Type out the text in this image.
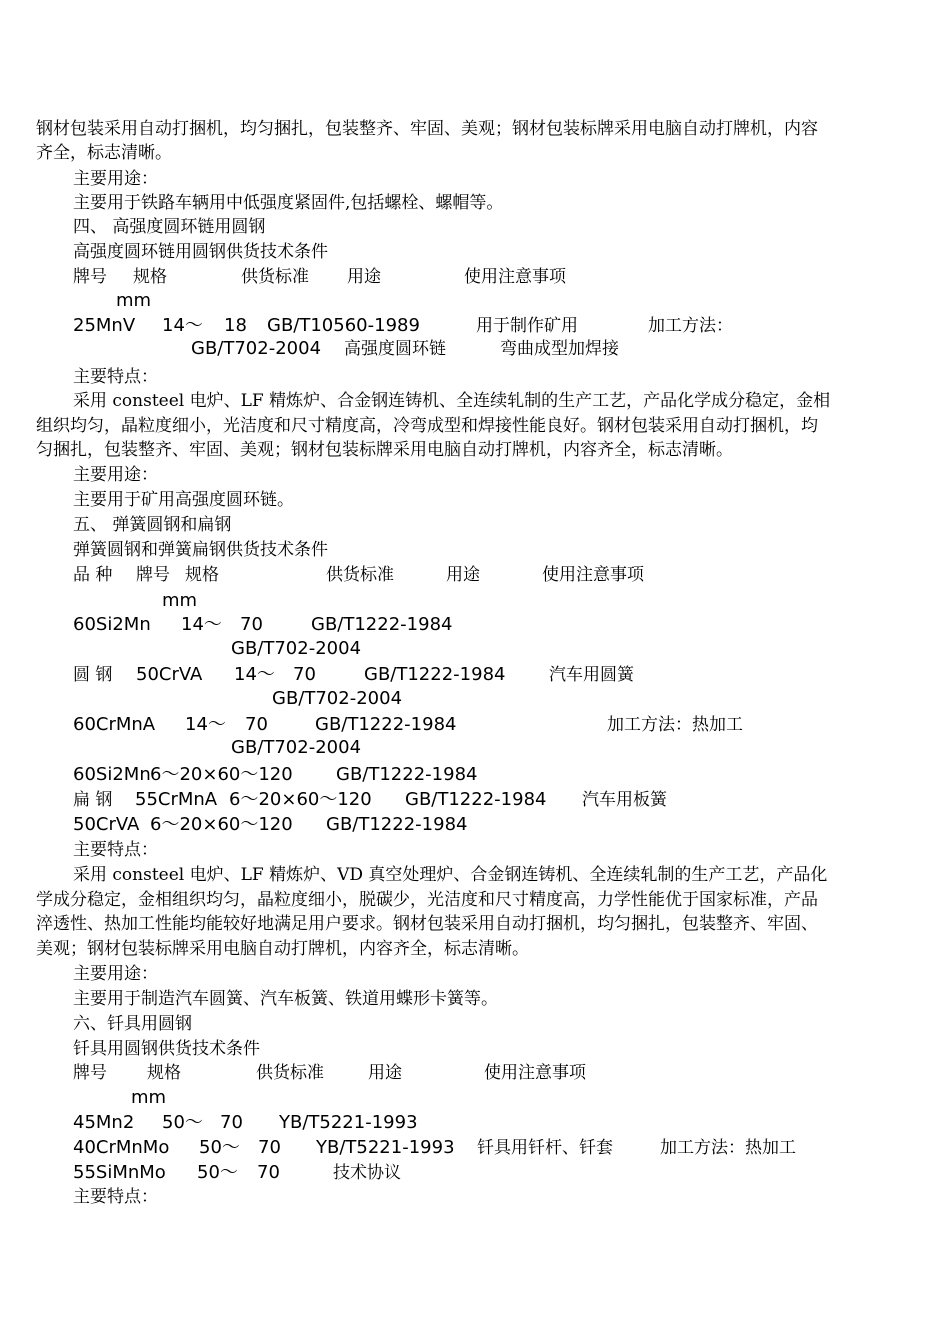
钢材包装采用自动打捆机，均匀捆扎，包装整齐、牢固、美观；钢材包装标牌采用电脑自动打牌机，内容
齐全，标志清晰。
主要用途：
主要用于铁路车辆用中低强度紧固件,包括螺栓、螺帽等。
四、 高强度圆环链用圆钢
高强度圆环链用圆钢供货技术条件
牌号 规格	供货标准 用途	使用注意事项
mm
25MnV 14～ 18 GB/T10560-1989	用于制作矿用	加工方法：
GB/T702-2004 高强度圆环链	弯曲成型加焊接
主要特点：
采用 consteel 电炉、LF 精炼炉、合金钢连铸机、全连续轧制的生产工艺，产品化学成分稳定，金相
组织均匀，晶粒度细小，光洁度和尺寸精度高，冷弯成型和焊接性能良好。钢材包装采用自动打捆机，均
匀捆扎，包装整齐、牢固、美观；钢材包装标牌采用电脑自动打牌机，内容齐全，标志清晰。
主要用途：
主要用于矿用高强度圆环链。
五、 弹簧圆钢和扁钢
弹簧圆钢和弹簧扁钢供货技术条件
品 种 牌号 规格	供货标准	用途	使用注意事项
mm
60Si2Mn 14～ 70	GB/T1222-1984
GB/T702-2004
圆 钢 50CrVA 14～ 70	GB/T1222-1984	汽车用圆簧
GB/T702-2004
60CrMnA 14～ 70	GB/T1222-1984	加工方法：热加工
GB/T702-2004
60Si2Mn 6～20×60～120 GB/T1222-1984
扁 钢 55CrMnA 6～20×60～120 GB/T1222-1984 汽车用板簧
50CrVA 6～20×60～120 GB/T1222-1984
主要特点：
采用 consteel 电炉、LF 精炼炉、VD 真空处理炉、合金钢连铸机、全连续轧制的生产工艺，产品化
学成分稳定，金相组织均匀，晶粒度细小，脱碳少，光洁度和尺寸精度高，力学性能优于国家标准，产品
淬透性、热加工性能均能较好地满足用户要求。钢材包装采用自动打捆机，均匀捆扎，包装整齐、牢固、
美观；钢材包装标牌采用电脑自动打牌机，内容齐全，标志清晰。
主要用途：
主要用于制造汽车圆簧、汽车板簧、铁道用蝶形卡簧等。
六、钎具用圆钢
钎具用圆钢供货技术条件
牌号 规格	供货标准	用途	使用注意事项
mm
45Mn2 50～ 70 YB/T5221-1993
40CrMnMo 50～ 70 YB/T5221-1993 钎具用钎杆、钎套	加工方法：热加工
55SiMnMo 50～ 70	技术协议
主要特点：
